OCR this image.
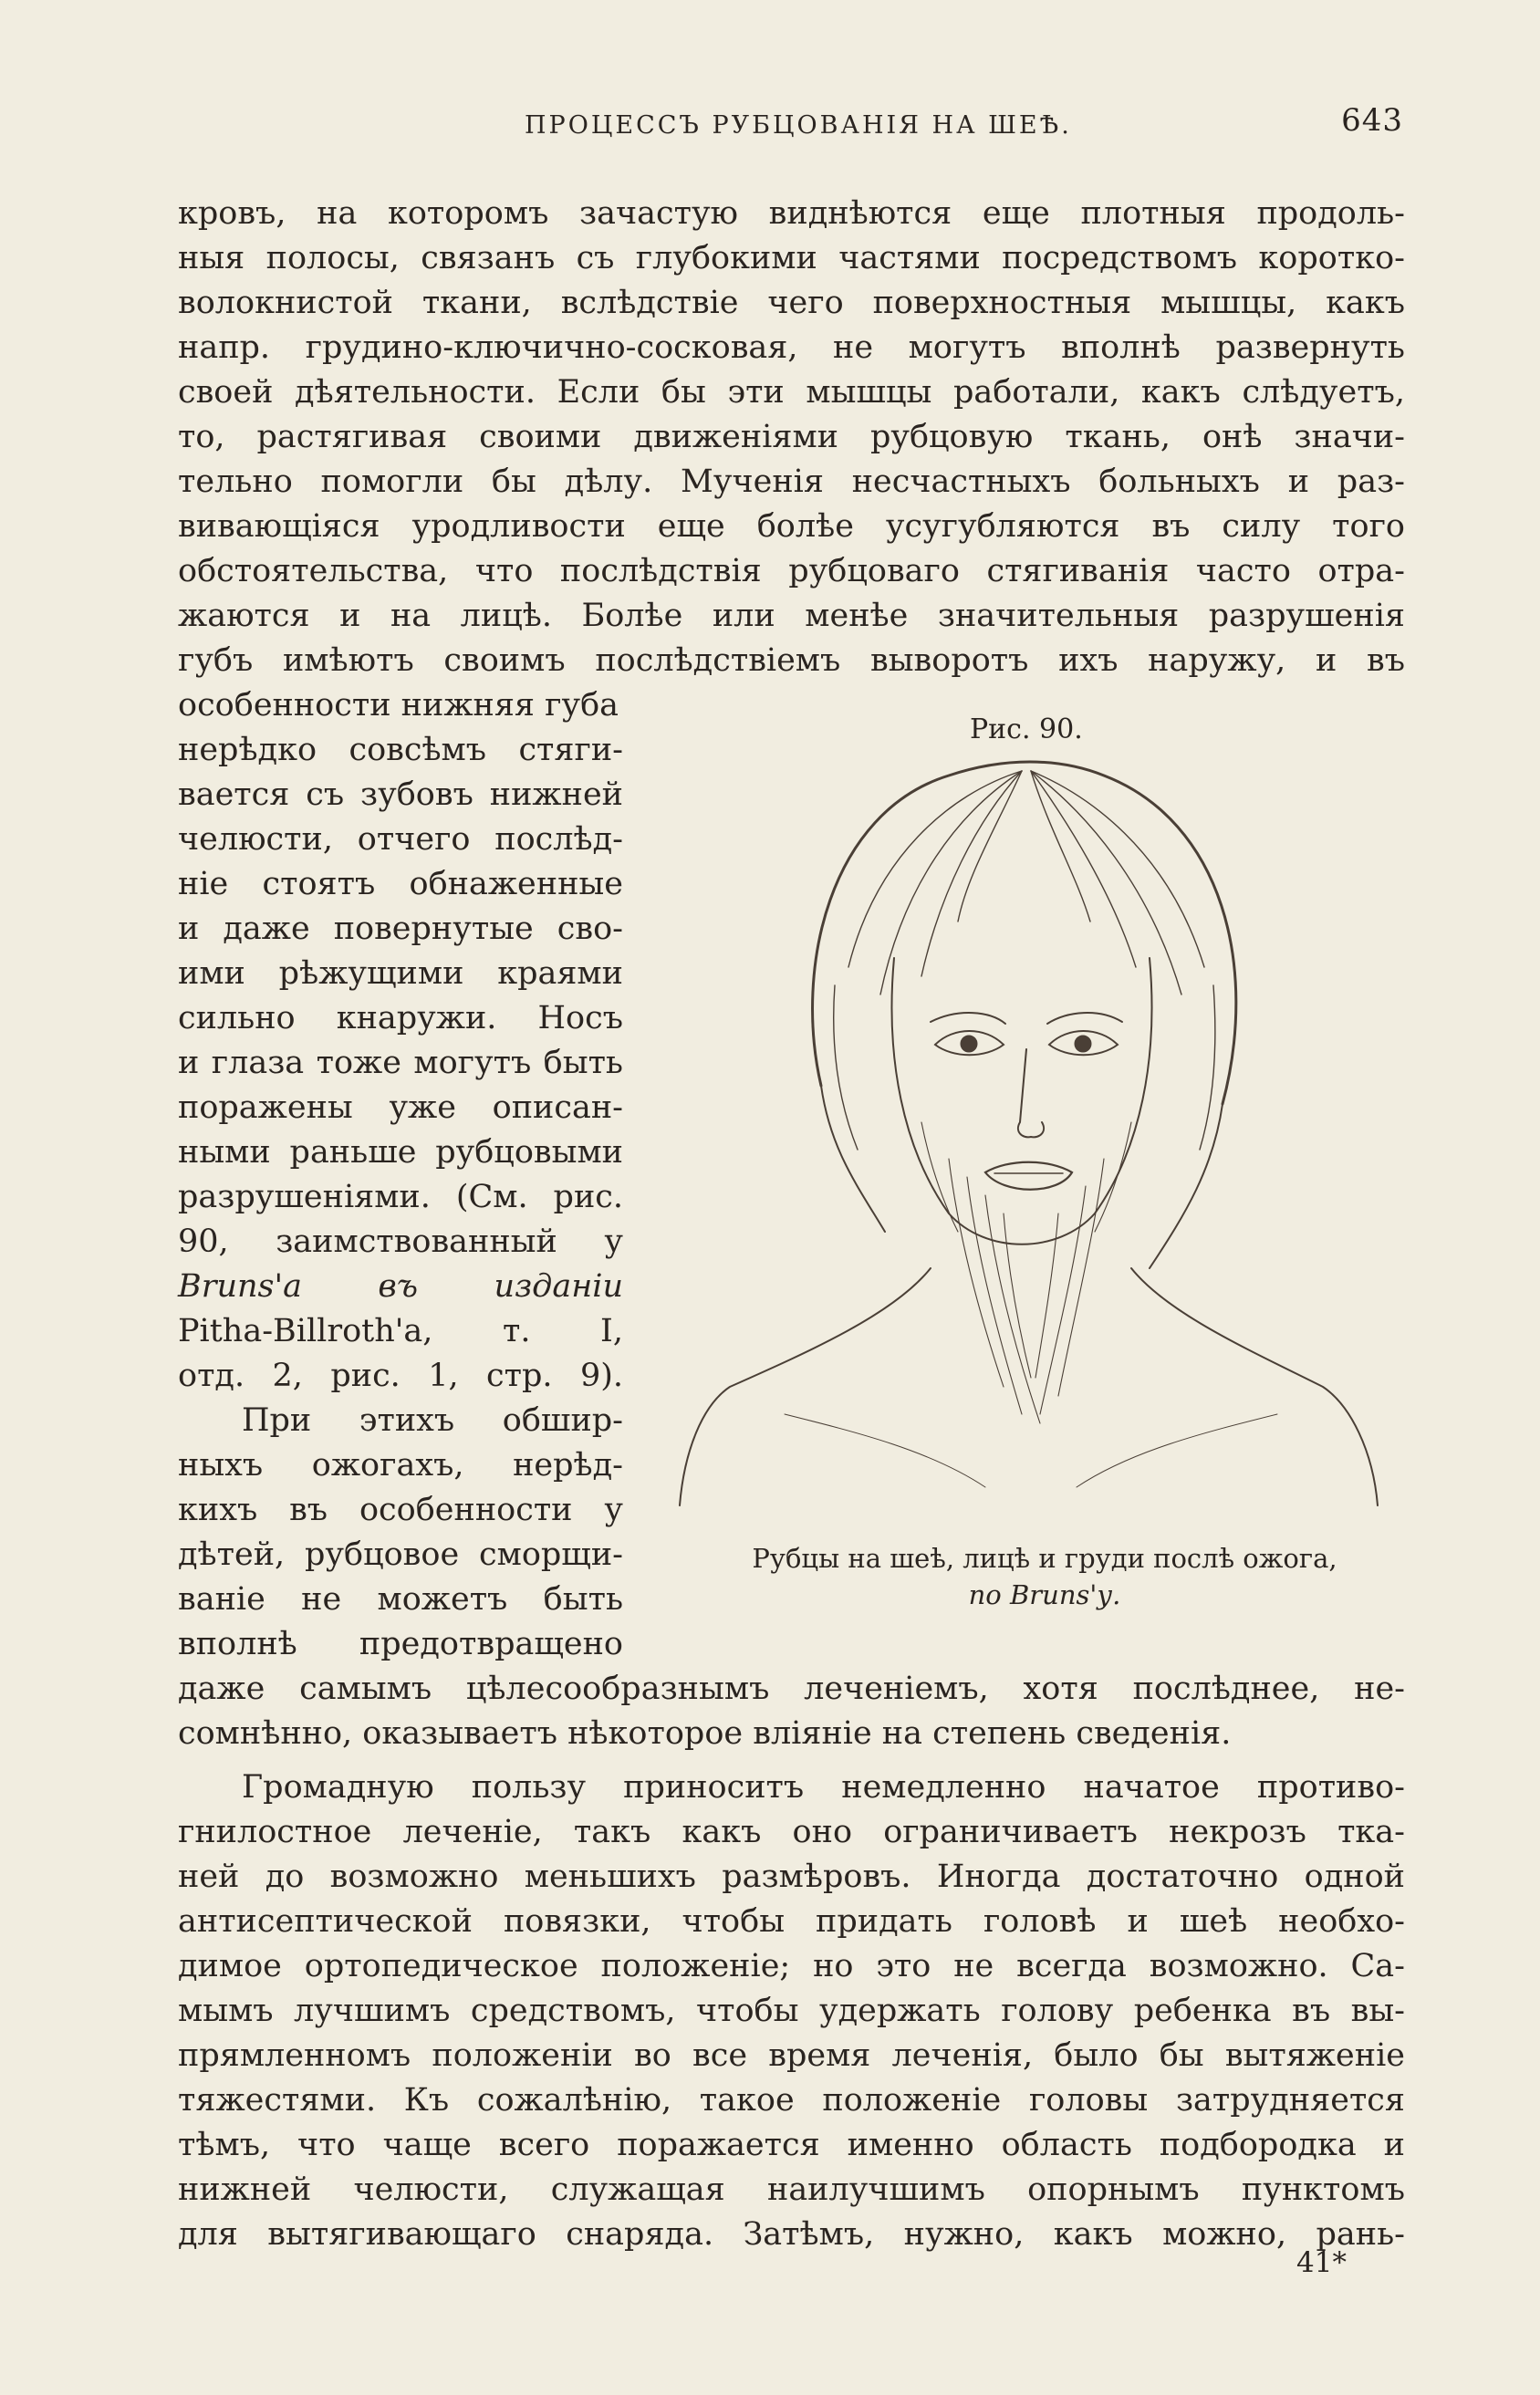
ПРОЦЕССЪ РУБЦОВАНІЯ НА ШЕѢ.	643
кровъ, на которомъ зачастую виднѣются еще плотныя продоль-
ныя полосы, связанъ съ глубокими частями посредствомъ коротко-
волокнистой ткани, вслѣдствіе чего поверхностныя мышцы, какъ
напр. грудино-ключично-сосковая, не могутъ вполнѣ развернуть
своей дѣятельности. Если бы эти мышцы работали, какъ слѣдуетъ,
то, растягивая своими движеніями рубцовую ткань, онѣ значи-
тельно помогли бы дѣлу. Мученія несчастныхъ больныхъ и раз-
вивающіяся уродливости еще болѣе усугубляются въ силу того
обстоятельства, что послѣдствія рубцоваго стягиванія часто отра-
жаются и на лицѣ. Болѣе или менѣе значительныя разрушенія
губъ имѣютъ своимъ послѣдствіемъ выворотъ ихъ наружу, и въ
особенности нижняя губа
нерѣдко совсѣмъ стяги-
вается съ зубовъ нижней
челюсти, отчего послѣд-
ніе стоятъ обнаженные
и даже повернутые сво-
ими рѣжущими краями
сильно кнаружи. Носъ
и глаза тоже могутъ быть
поражены уже описан-
ными раньше рубцовыми
разрушеніями. (См. рис.
90, заимствованный у
Bruns'a въ изданіи
Pitha-Billroth'a, т. I,
отд. 2, рис. 1, стр. 9).
При этихъ обшир-
ныхъ ожогахъ, нерѣд-
кихъ въ особенности у
дѣтей, рубцовое сморщи-
ваніе не можетъ быть
вполнѣ предотвращено
даже самымъ цѣлесообразнымъ леченіемъ, хотя послѣднее, не-
сомнѣнно, оказываетъ нѣкоторое вліяніе на степень сведенія.
Громадную пользу приноситъ немедленно начатое противо-
гнилостное леченіе, такъ какъ оно ограничиваетъ некрозъ тка-
ней до возможно меньшихъ размѣровъ. Иногда достаточно одной
антисептической повязки, чтобы придать головѣ и шеѣ необхо-
димое ортопедическое положеніе; но это не всегда возможно. Са-
мымъ лучшимъ средствомъ, чтобы удержать голову ребенка въ вы-
прямленномъ положеніи во все время леченія, было бы вытяженіе
тяжестями. Къ сожалѣнію, такое положеніе головы затрудняется
тѣмъ, что чаще всего поражается именно область подбородка и
нижней челюсти, служащая наилучшимъ опорнымъ пунктомъ
для вытягивающаго снаряда. Затѣмъ, нужно, какъ можно, рань-
Рис. 90.
Рубцы на шеѣ, лицѣ и груди послѣ ожога,
по Bruns'у.
41*
